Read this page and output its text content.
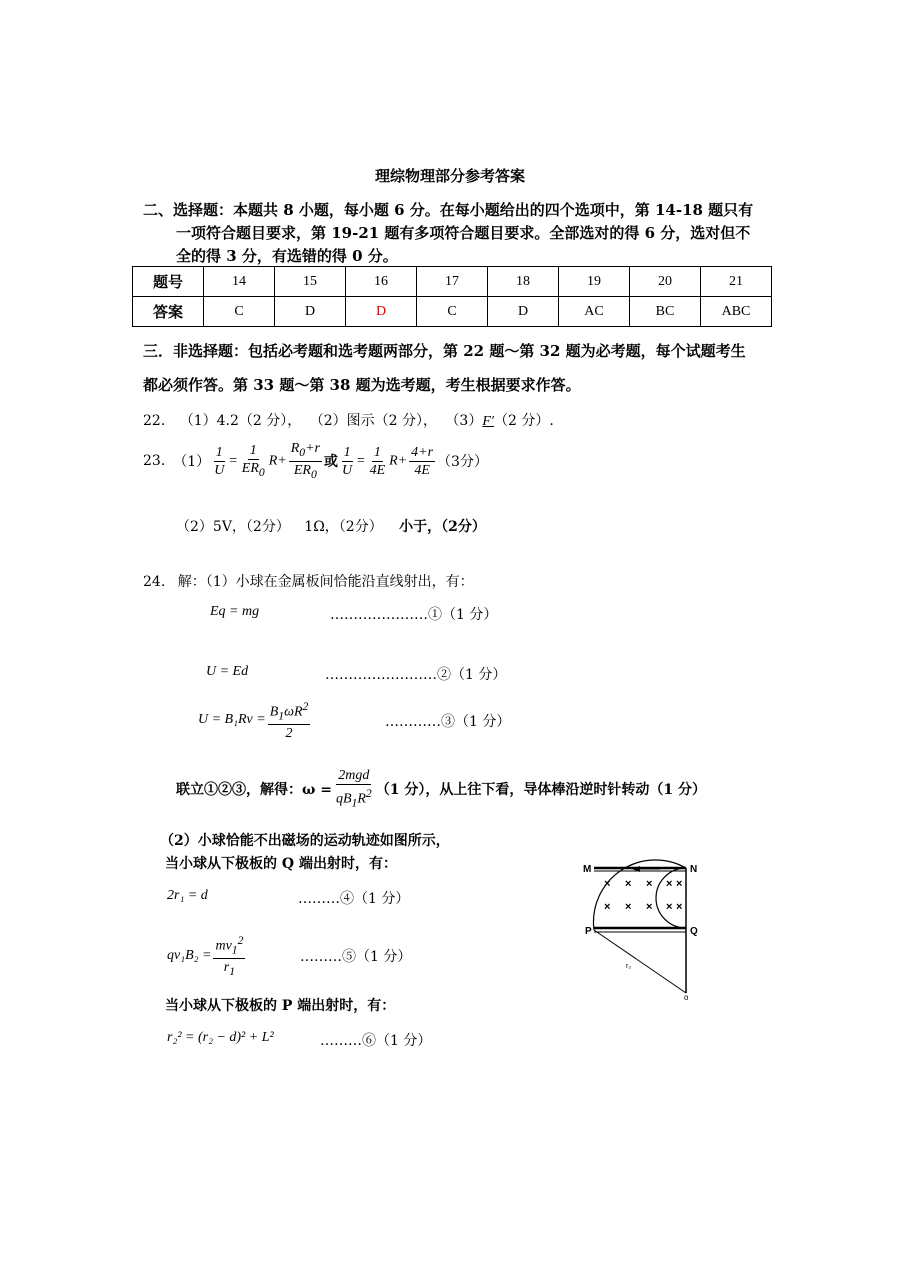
理综物理部分参考答案
二、选择题：本题共 8 小题，每小题 6 分。在每小题给出的四个选项中，第 14-18 题只有
一项符合题目要求，第 19-21 题有多项符合题目要求。全部选对的得 6 分，选对但不
全的得 3 分，有选错的得 0 分。
题号	14	15	16	17	18	19	20	21
答案	C	D	D	C	D	AC	BC	ABC
三．非选择题：包括必考题和选考题两部分，第 22 题～第 32 题为必考题，每个试题考生
都必须作答。第 33 题～第 38 题为选考题，考生根据要求作答。
22. （1）4.2（2 分）， （2）图示（2 分）， （3）F′（2 分）.
23. $(1) \frac{1}{U} = \frac{1}{ER_0} R+ \frac{R_0+r}{ER_0}$ 或 $\frac{1}{U} = \frac{1}{4E} R+ \frac{4+r}{4E} (3$分）
（2）5V，（2分） 1Ω，（2分） 小于，（2分）
24. 解：（1）小球在金属板间恰能沿直线射出，有：
Eq = mg	…………………①（1 分）
U = Ed	……………………②（1 分）
$U = B_1Rv = \frac{B_1\omega R^2}{2}$	…………③（1 分）
联立①②③，解得：$\omega = \frac{\text{2mgd}}{qB_1R^2} (1$ 分），从上往下看，导体棒沿逆时针转动（1 分）
（2）小球恰能不出磁场的运动轨迹如图所示，
当小球从下极板的 Q 端出射时，有：
2r₁ = d	………④（1 分）
$qv_1B_2 = \frac{mv_1^2}{r_1}$	………⑤（1 分）
当小球从下极板的 P 端出射时，有：
r₂² = (r₂ − d)² + L²	………⑥（1 分）
× × × × ×
× × × × ×
M	N
P	Q
r₂
o
